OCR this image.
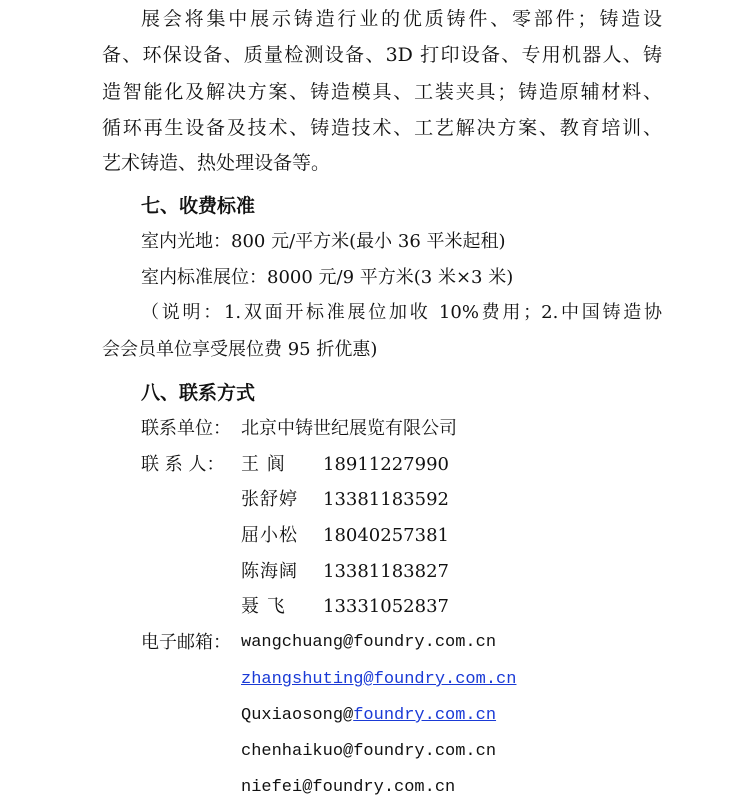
展会将集中展示铸造行业的优质铸件、零部件；铸造设
备、环保设备、质量检测设备、3D 打印设备、专用机器人、铸
造智能化及解决方案、铸造模具、工装夹具；铸造原辅材料、
循环再生设备及技术、铸造技术、工艺解决方案、教育培训、
艺术铸造、热处理设备等。
七、收费标准
室内光地：800 元/平方米(最小 36 平米起租)
室内标准展位：8000 元/9 平方米(3 米×3 米)
（说明：1.双面开标准展位加收 10%费用；2.中国铸造协
会会员单位享受展位费 95 折优惠)
八、联系方式
联系单位： 北京中铸世纪展览有限公司
联 系 人： 王 阆 18911227990
张舒婷 13381183592
屈小松 18040257381
陈海阔 13381183827
聂 飞 13331052837
电子邮箱： wangchuang@foundry.com.cn
zhangshuting@foundry.com.cn
Quxiaosong@foundry.com.cn
chenhaikuo@foundry.com.cn
niefei@foundry.com.cn
